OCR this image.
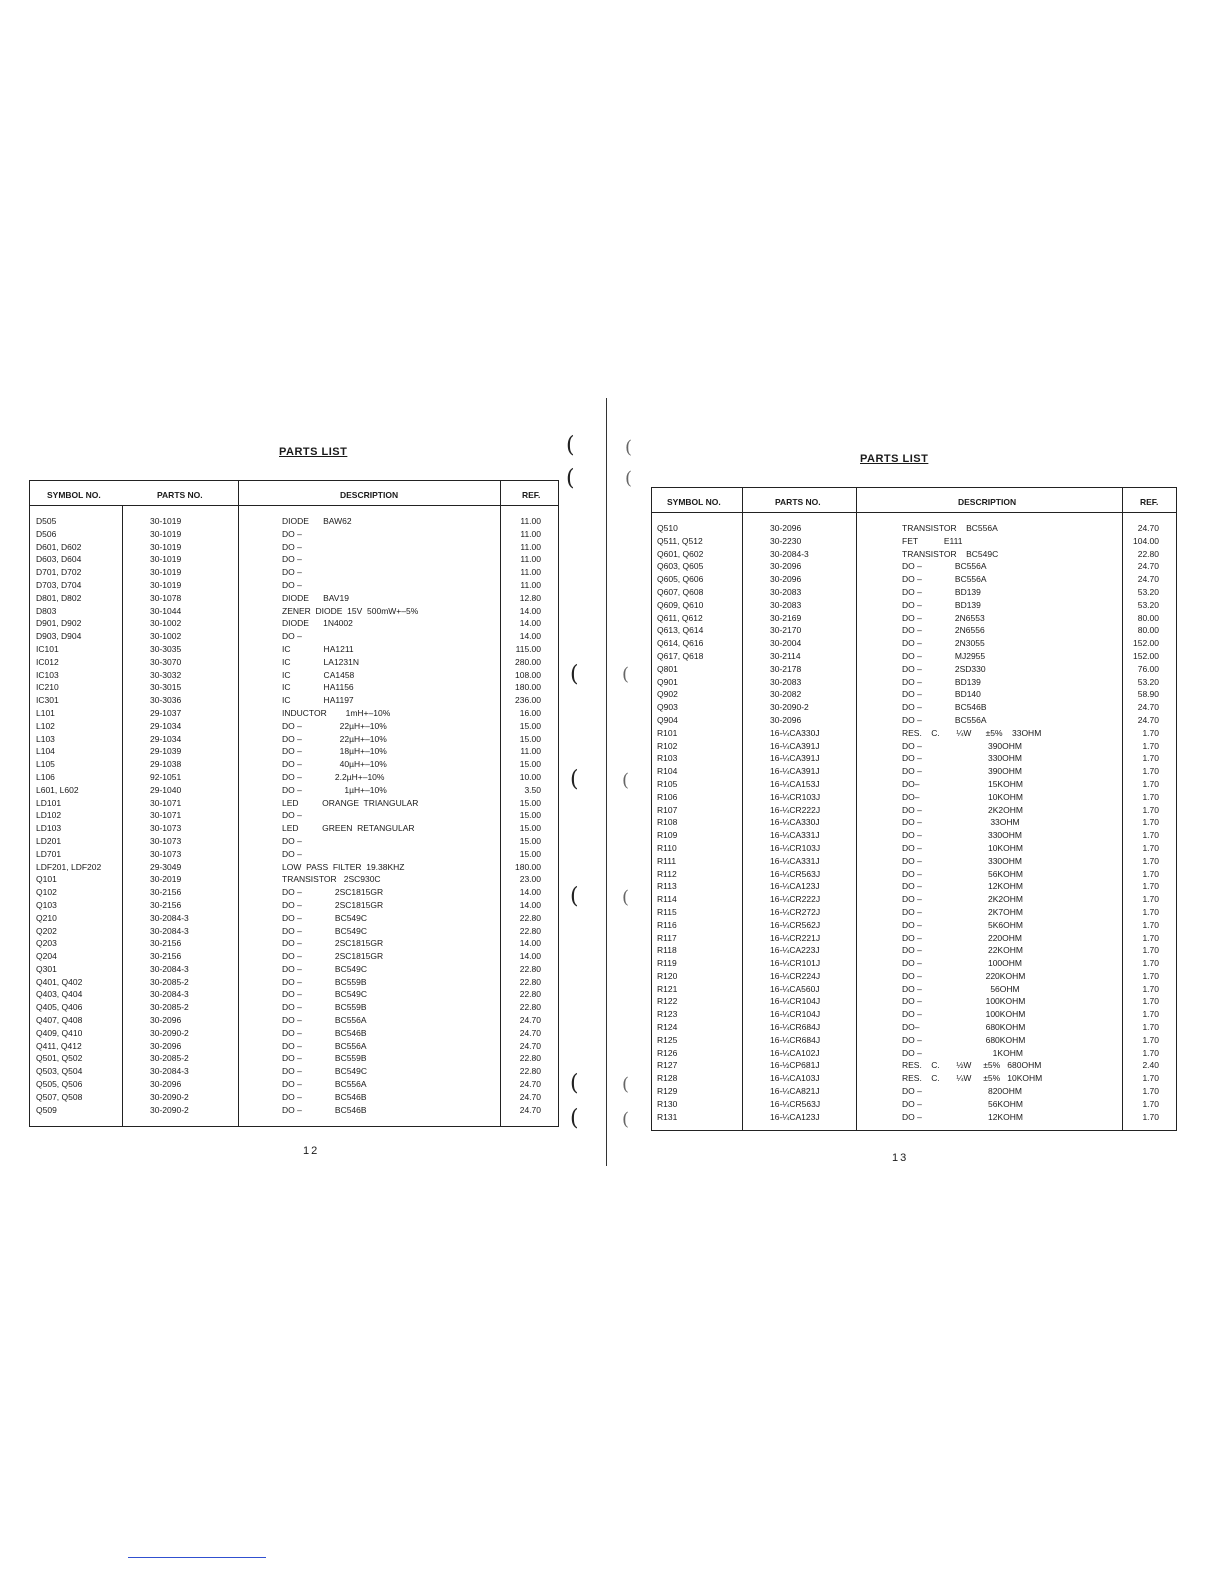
PARTS LIST
SYMBOL NO.	PARTS NO.	DESCRIPTION	REF.
D505	30-1019	DIODE      BAW62	11.00
D506	30-1019	DO –	11.00
D601, D602	30-1019	DO –	11.00
D603, D604	30-1019	DO –	11.00
D701, D702	30-1019	DO –	11.00
D703, D704	30-1019	DO –	11.00
D801, D802	30-1078	DIODE      BAV19	12.80
D803	30-1044	ZENER  DIODE  15V  500mW+–5%	14.00
D901, D902	30-1002	DIODE      1N4002	14.00
D903, D904	30-1002	DO –	14.00
IC101	30-3035	IC              HA1211	115.00
IC012	30-3070	IC              LA1231N	280.00
IC103	30-3032	IC              CA1458	108.00
IC210	30-3015	IC              HA1156	180.00
IC301	30-3036	IC              HA1197	236.00
L101	29-1037	INDUCTOR        1mH+–10%	16.00
L102	29-1034	DO –                22µH+–10%	15.00
L103	29-1034	DO –                22µH+–10%	15.00
L104	29-1039	DO –                18µH+–10%	11.00
L105	29-1038	DO –                40µH+–10%	15.00
L106	92-1051	DO –              2.2µH+–10%	10.00
L601, L602	29-1040	DO –                  1µH+–10%	3.50
LD101	30-1071	LED          ORANGE  TRIANGULAR	15.00
LD102	30-1071	DO –	15.00
LD103	30-1073	LED          GREEN  RETANGULAR	15.00
LD201	30-1073	DO –	15.00
LD701	30-1073	DO –	15.00
LDF201, LDF202	29-3049	LOW  PASS  FILTER  19.38KHZ	180.00
Q101	30-2019	TRANSISTOR   2SC930C	23.00
Q102	30-2156	DO –              2SC1815GR	14.00
Q103	30-2156	DO –              2SC1815GR	14.00
Q210	30-2084-3	DO –              BC549C	22.80
Q202	30-2084-3	DO –              BC549C	22.80
Q203	30-2156	DO –              2SC1815GR	14.00
Q204	30-2156	DO –              2SC1815GR	14.00
Q301	30-2084-3	DO –              BC549C	22.80
Q401, Q402	30-2085-2	DO –              BC559B	22.80
Q403, Q404	30-2084-3	DO –              BC549C	22.80
Q405, Q406	30-2085-2	DO –              BC559B	22.80
Q407, Q408	30-2096	DO –              BC556A	24.70
Q409, Q410	30-2090-2	DO –              BC546B	24.70
Q411, Q412	30-2096	DO –              BC556A	24.70
Q501, Q502	30-2085-2	DO –              BC559B	22.80
Q503, Q504	30-2084-3	DO –              BC549C	22.80
Q505, Q506	30-2096	DO –              BC556A	24.70
Q507, Q508	30-2090-2	DO –              BC546B	24.70
Q509	30-2090-2	DO –              BC546B	24.70
12
(
(
(
(
(
(
(
(
(
(
(
(
(
(
PARTS LIST
SYMBOL NO.	PARTS NO.	DESCRIPTION	REF.
Q510	30-2096	TRANSISTOR    BC556A	24.70
Q511, Q512	30-2230	FET           E111	104.00
Q601, Q602	30-2084-3	TRANSISTOR    BC549C	22.80
Q603, Q605	30-2096	DO –              BC556A	24.70
Q605, Q606	30-2096	DO –              BC556A	24.70
Q607, Q608	30-2083	DO –              BD139	53.20
Q609, Q610	30-2083	DO –              BD139	53.20
Q611, Q612	30-2169	DO –              2N6553	80.00
Q613, Q614	30-2170	DO –              2N6556	80.00
Q614, Q616	30-2004	DO –              2N3055	152.00
Q617, Q618	30-2114	DO –              MJ2955	152.00
Q801	30-2178	DO –              2SD330	76.00
Q901	30-2083	DO –              BD139	53.20
Q902	30-2082	DO –              BD140	58.90
Q903	30-2090-2	DO –              BC546B	24.70
Q904	30-2096	DO –              BC556A	24.70
R101	16-¼CA330J	RES.    C.       ¼W      ±5%    33OHM	1.70
R102	16-¼CA391J	DO –                            390OHM	1.70
R103	16-¼CA391J	DO –                            330OHM	1.70
R104	16-¼CA391J	DO –                            390OHM	1.70
R105	16-¼CA153J	DO–                             15KOHM	1.70
R106	16-¼CR103J	DO–                             10KOHM	1.70
R107	16-¼CR222J	DO –                            2K2OHM	1.70
R108	16-¼CA330J	DO –                             33OHM	1.70
R109	16-¼CA331J	DO –                            330OHM	1.70
R110	16-¼CR103J	DO –                            10KOHM	1.70
R111	16-¼CA331J	DO –                            330OHM	1.70
R112	16-¼CR563J	DO –                            56KOHM	1.70
R113	16-¼CA123J	DO –                            12KOHM	1.70
R114	16-¼CR222J	DO –                            2K2OHM	1.70
R115	16-¼CR272J	DO –                            2K7OHM	1.70
R116	16-¼CR562J	DO –                            5K6OHM	1.70
R117	16-¼CR221J	DO –                            220OHM	1.70
R118	16-¼CA223J	DO –                            22KOHM	1.70
R119	16-¼CR101J	DO –                            100OHM	1.70
R120	16-¼CR224J	DO –                           220KOHM	1.70
R121	16-¼CA560J	DO –                             56OHM	1.70
R122	16-¼CR104J	DO –                           100KOHM	1.70
R123	16-¼CR104J	DO –                           100KOHM	1.70
R124	16-¼CR684J	DO–                            680KOHM	1.70
R125	16-¼CR684J	DO –                           680KOHM	1.70
R126	16-¼CA102J	DO –                              1KOHM	1.70
R127	16-½CP681J	RES.    C.       ½W     ±5%   680OHM	2.40
R128	16-¼CA103J	RES.    C.       ¼W     ±5%   10KOHM	1.70
R129	16-¼CA821J	DO –                            820OHM	1.70
R130	16-¼CR563J	DO –                            56KOHM	1.70
R131	16-¼CA123J	DO –                            12KOHM	1.70
13
